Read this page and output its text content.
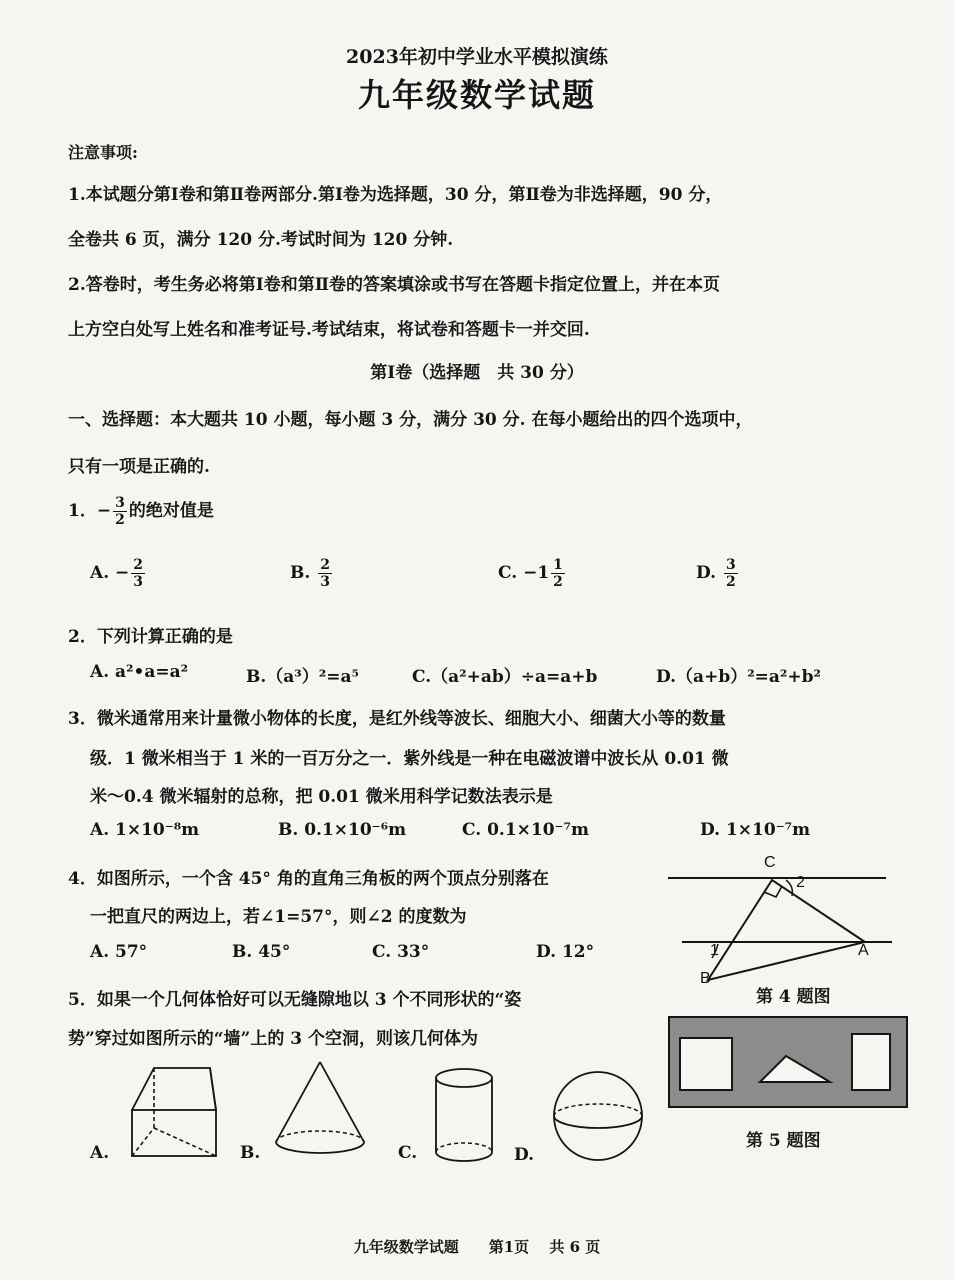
2023年初中学业水平模拟演练
九年级数学试题
注意事项:
1.本试题分第Ⅰ卷和第Ⅱ卷两部分.第Ⅰ卷为选择题，30 分，第Ⅱ卷为非选择题，90 分，
全卷共 6 页，满分 120 分.考试时间为 120 分钟.
2.答卷时，考生务必将第Ⅰ卷和第Ⅱ卷的答案填涂或书写在答题卡指定位置上，并在本页
上方空白处写上姓名和准考证号.考试结束，将试卷和答题卡一并交回.
第Ⅰ卷（选择题　共 30 分）
一、选择题：本大题共 10 小题，每小题 3 分，满分 30 分. 在每小题给出的四个选项中，
只有一项是正确的.
1．− $\frac{3}{2}$ 的绝对值是
A. − $\frac{2}{3}$	B. $\frac{2}{3}$	C. $-1 \frac{1}{2}$	D. $\frac{3}{2}$
2．下列计算正确的是
A. a²•a=a²	B.（a³）²=a⁵	C.（a²+ab）÷a=a+b	D.（a+b）²=a²+b²
3．微米通常用来计量微小物体的长度，是红外线等波长、细胞大小、细菌大小等的数量
级．1 微米相当于 1 米的一百万分之一．紫外线是一种在电磁波谱中波长从 0.01 微
米～0.4 微米辐射的总称，把 0.01 微米用科学记数法表示是
A. 1×10⁻⁸m	B. 0.1×10⁻⁶m	C. 0.1×10⁻⁷m	D. 1×10⁻⁷m
4．如图所示，一个含 45° 角的直角三角板的两个顶点分别落在
一把直尺的两边上，若∠1=57°，则∠2 的度数为
A. 57°	B. 45°	C. 33°	D. 12°
C
2
1	A
B
第 4 题图
5．如果一个几何体恰好可以无缝隙地以 3 个不同形状的“姿
势”穿过如图所示的“墙”上的 3 个空洞，则该几何体为
第 5 题图
A.	B.	C.	D.
九年级数学试题　　第1页　 共 6 页
